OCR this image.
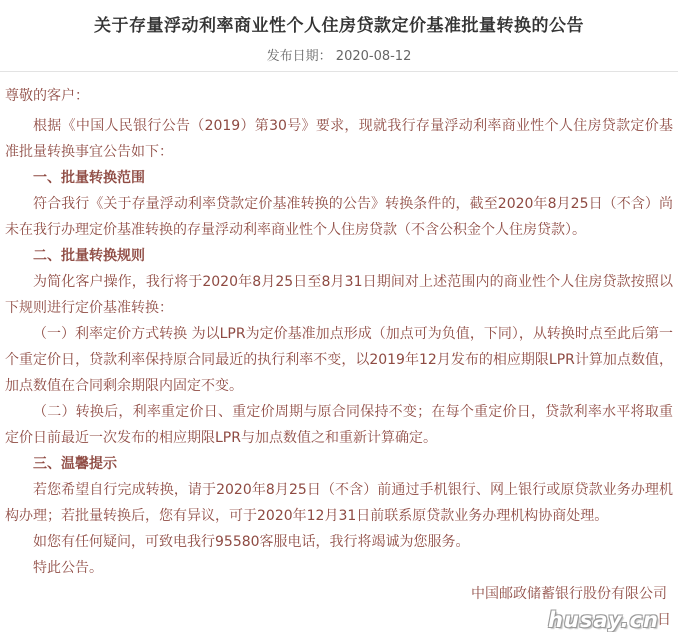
关于存量浮动利率商业性个人住房贷款定价基准批量转换的公告
发布日期： 2020-08-12
尊敬的客户：
根据《中国人民银行公告（2019）第30号》要求，现就我行存量浮动利率商业性个人住房贷款定价基准批量转换事宜公告如下：
一、批量转换范围
符合我行《关于存量浮动利率贷款定价基准转换的公告》转换条件的，截至2020年8月25日（不含）尚未在我行办理定价基准转换的存量浮动利率商业性个人住房贷款（不含公积金个人住房贷款）。
二、批量转换规则
为简化客户操作，我行将于2020年8月25日至8月31日期间对上述范围内的商业性个人住房贷款按照以下规则进行定价基准转换：
（一）利率定价方式转换 为以LPR为定价基准加点形成（加点可为负值，下同），从转换时点至此后第一个重定价日，贷款利率保持原合同最近的执行利率不变，以2019年12月发布的相应期限LPR计算加点数值，加点数值在合同剩余期限内固定不变。
（二）转换后，利率重定价日、重定价周期与原合同保持不变；在每个重定价日，贷款利率水平将取重定价日前最近一次发布的相应期限LPR与加点数值之和重新计算确定。
三、温馨提示
若您希望自行完成转换，请于2020年8月25日（不含）前通过手机银行、网上银行或原贷款业务办理机构办理；若批量转换后，您有异议，可于2020年12月31日前联系原贷款业务办理机构协商处理。
如您有任何疑问，可致电我行95580客服电话，我行将竭诚为您服务。
特此公告。
中国邮政储蓄银行股份有限公司
husay.cn
日
